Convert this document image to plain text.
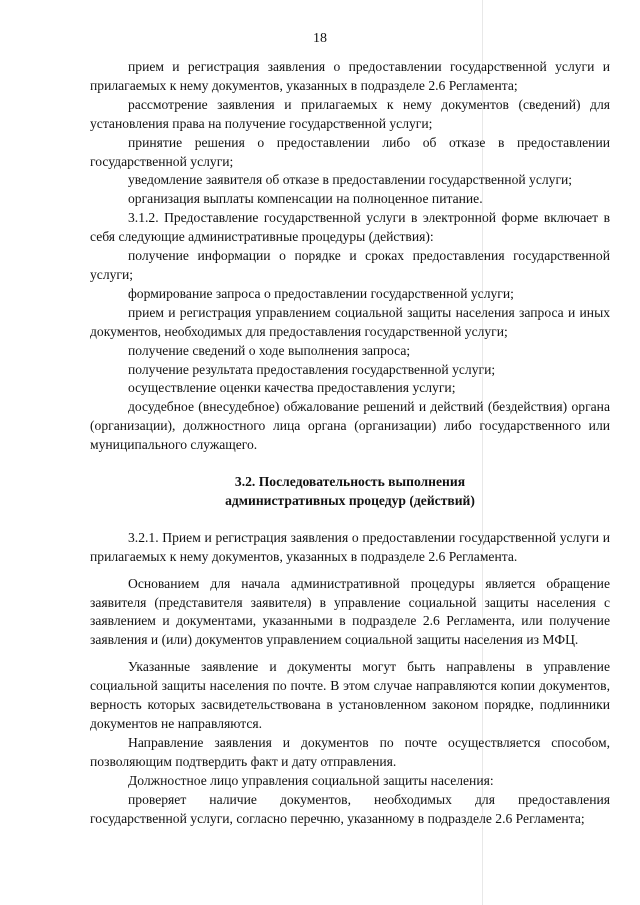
18

прием и регистрация заявления о предоставлении государственной услуги и прилагаемых к нему документов, указанных в подразделе 2.6 Регламента;

рассмотрение заявления и прилагаемых к нему документов (сведений) для установления права на получение государственной услуги;

принятие решения о предоставлении либо об отказе в предоставлении государственной услуги;

уведомление заявителя об отказе в предоставлении государственной услуги;

организация выплаты компенсации на полноценное питание.

3.1.2. Предоставление государственной услуги в электронной форме включает в себя следующие административные процедуры (действия):

получение информации о порядке и сроках предоставления государственной услуги;

формирование запроса о предоставлении государственной услуги;

прием и регистрация управлением социальной защиты населения запроса и иных документов, необходимых для предоставления государственной услуги;

получение сведений о ходе выполнения запроса;

получение результата предоставления государственной услуги;

осуществление оценки качества предоставления услуги;

досудебное (внесудебное) обжалование решений и действий (бездействия) органа (организации), должностного лица органа (организации) либо государственного или муниципального служащего.

3.2. Последовательность выполнения

административных процедур (действий)

3.2.1. Прием и регистрация заявления о предоставлении государственной услуги и прилагаемых к нему документов, указанных в подразделе 2.6 Регламента.

Основанием для начала административной процедуры является обращение заявителя (представителя заявителя) в управление социальной защиты населения с заявлением и документами, указанными в подразделе 2.6 Регламента, или получение заявления и (или) документов управлением социальной защиты населения из МФЦ.

Указанные заявление и документы могут быть направлены в управление социальной защиты населения по почте. В этом случае направляются копии документов, верность которых засвидетельствована в установленном законом порядке, подлинники документов не направляются.

Направление заявления и документов по почте осуществляется способом, позволяющим подтвердить факт и дату отправления.

Должностное лицо управления социальной защиты населения:

проверяет наличие документов, необходимых для предоставления государственной услуги, согласно перечню, указанному в подразделе 2.6 Регламента;
